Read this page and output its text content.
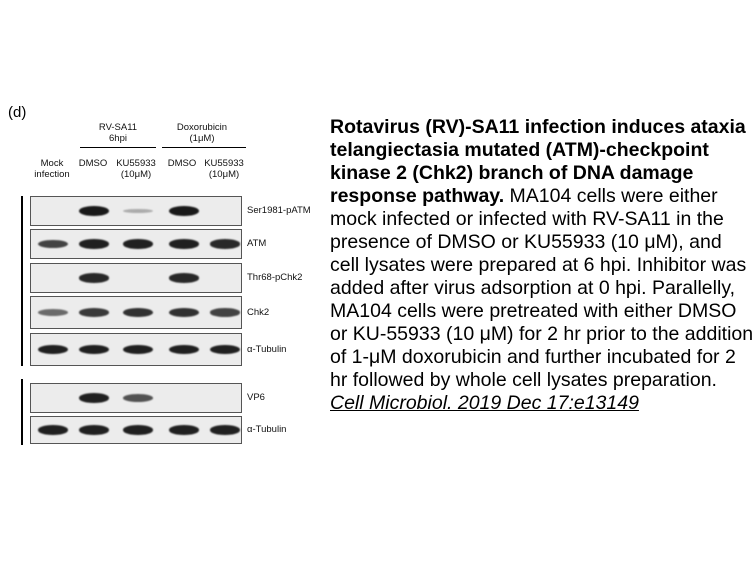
(d)
RV-SA11
6hpi
Doxorubicin
(1μM)
Mock
infection
DMSO KU55933
(10μM)
DMSO KU55933
(10μM)
Ser1981-pATM
ATM
Thr68-pChk2
Chk2
α-Tubulin
VP6
α-Tubulin
Rotavirus (RV)-SA11 infection induces ataxia telangiectasia mutated (ATM)-checkpoint kinase 2 (Chk2) branch of DNA damage response pathway. MA104 cells were either mock infected or infected with RV-SA11 in the presence of DMSO or KU55933 (10 μM), and cell lysates were prepared at 6 hpi. Inhibitor was added after virus adsorption at 0 hpi. Parallelly, MA104 cells were pretreated with either DMSO or KU-55933 (10 μM) for 2 hr prior to the addition of 1-μM doxorubicin and further incubated for 2 hr followed by whole cell lysates preparation. Cell Microbiol. 2019 Dec 17:e13149
